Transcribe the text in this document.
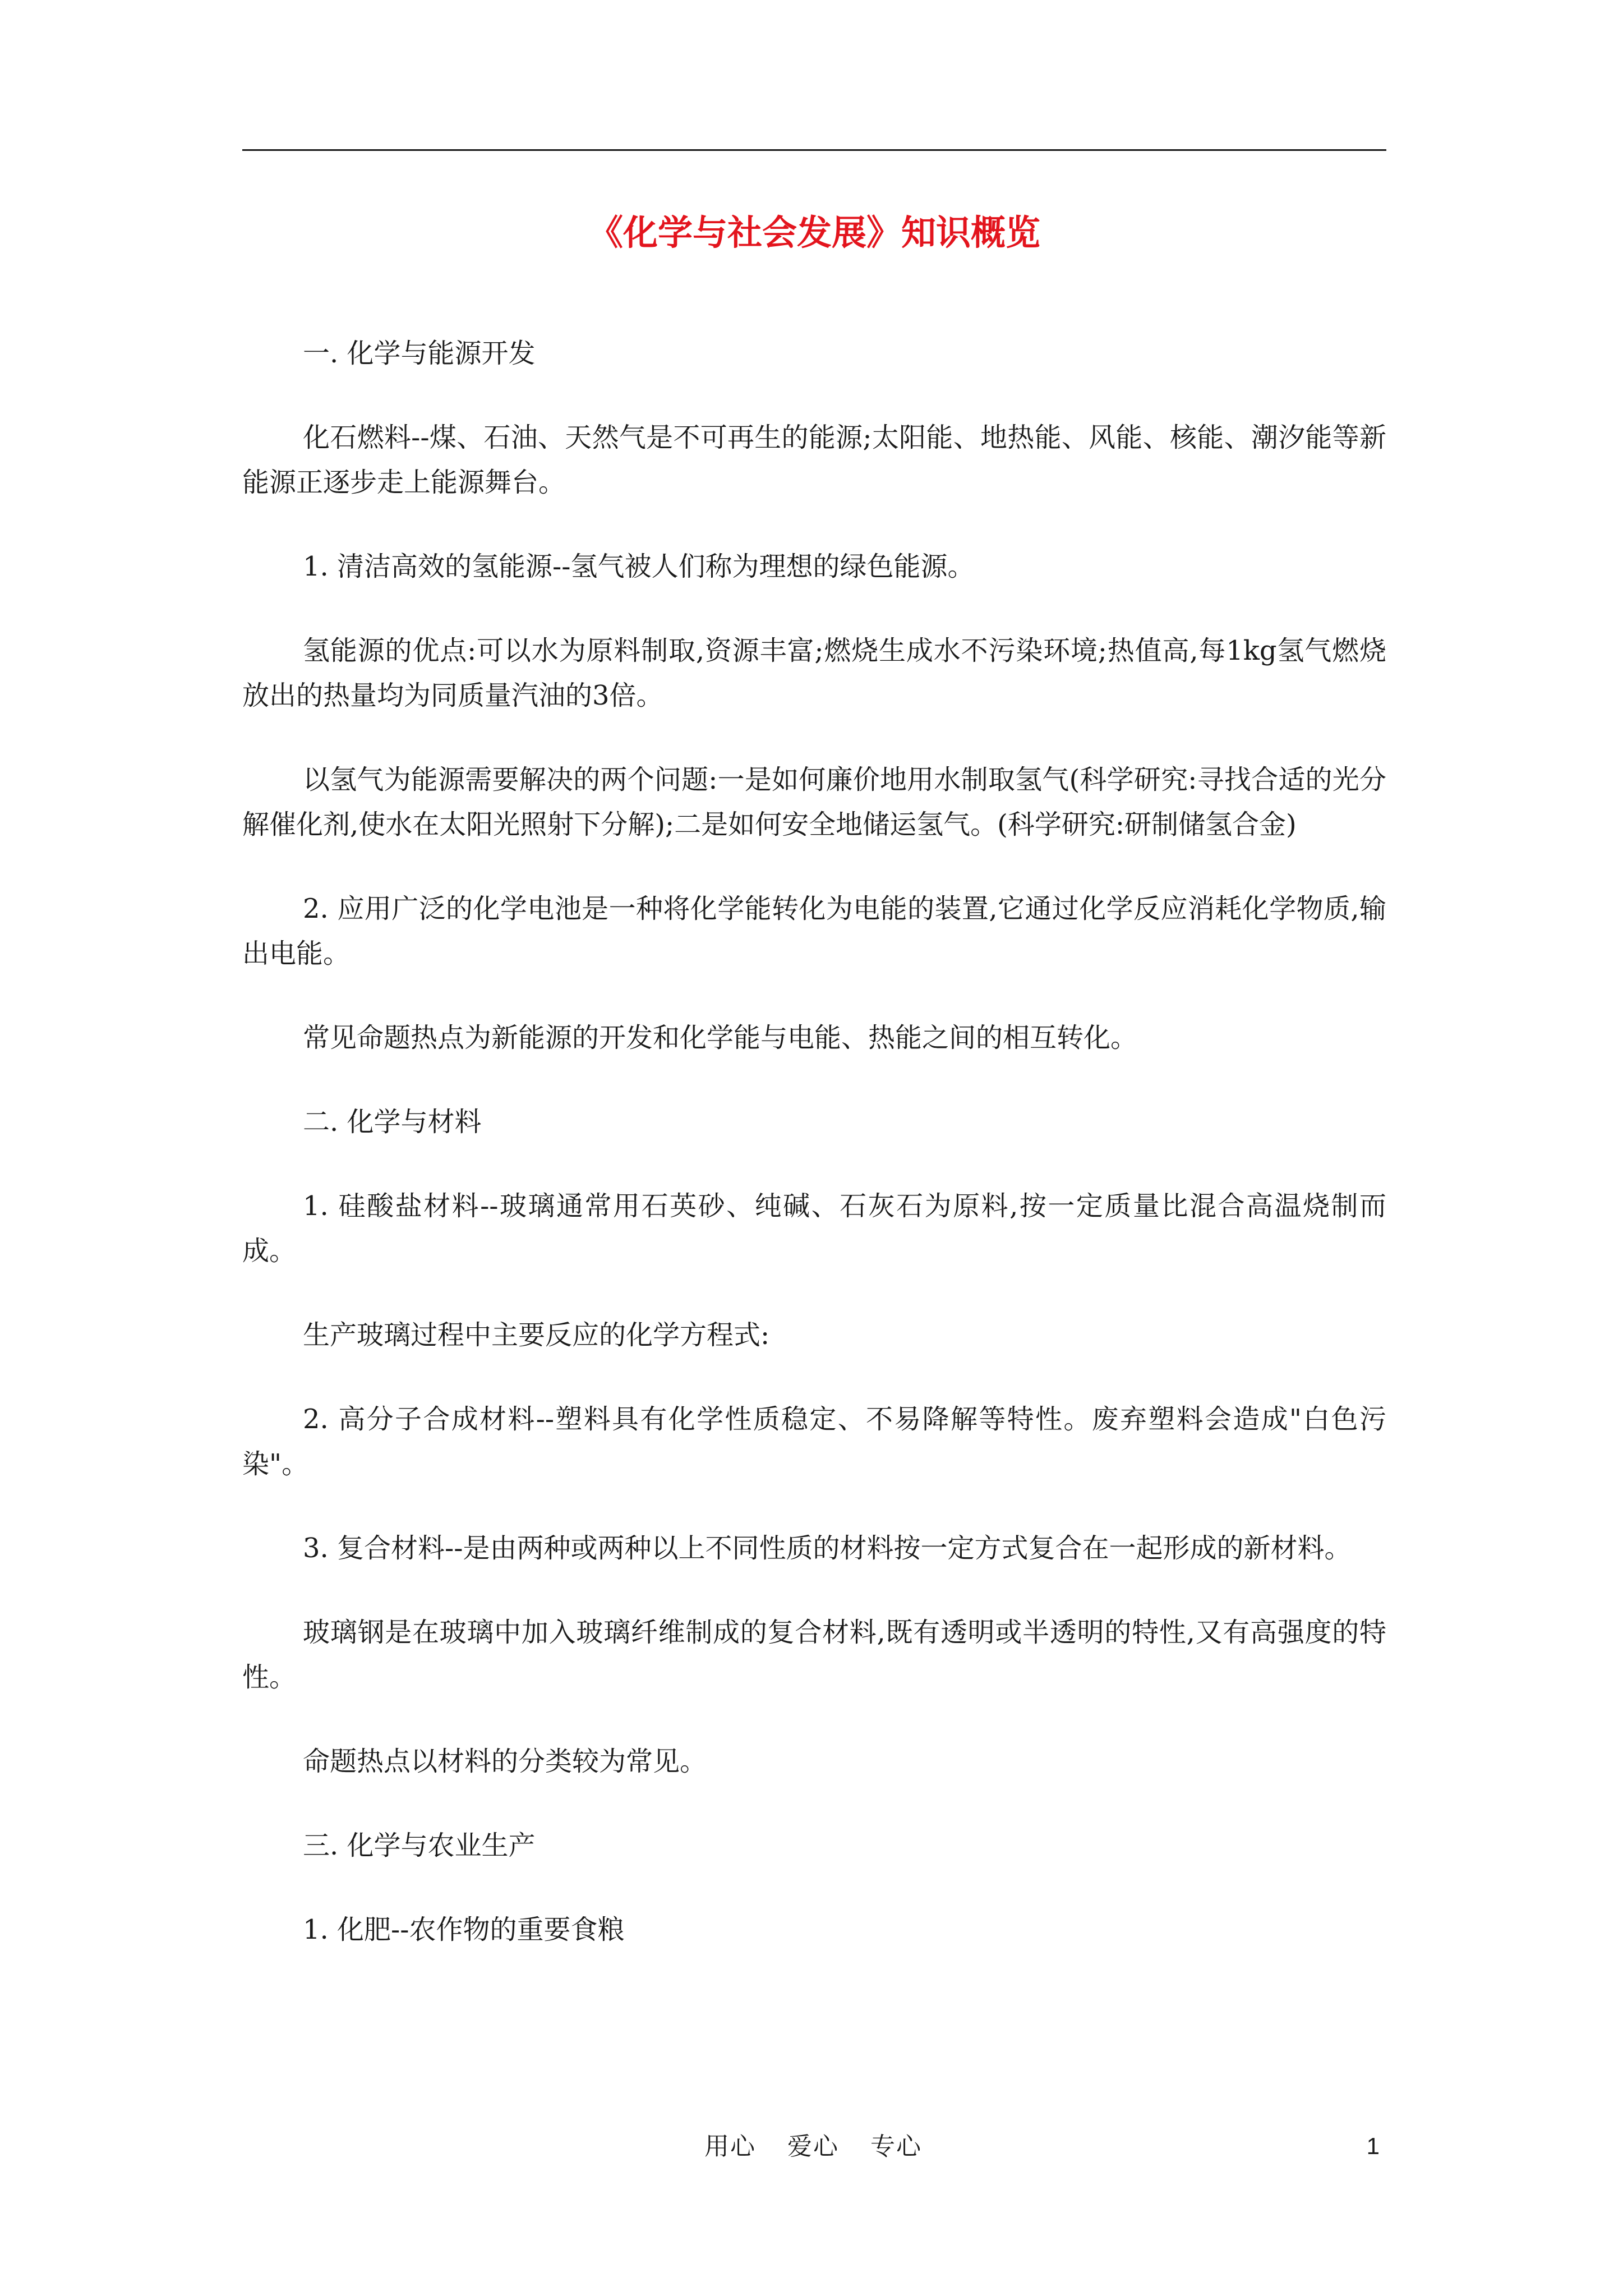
《化学与社会发展》知识概览

一. 化学与能源开发

化石燃料--煤、石油、天然气是不可再生的能源;太阳能、地热能、风能、核能、潮汐能等新能源正逐步走上能源舞台。

1. 清洁高效的氢能源--氢气被人们称为理想的绿色能源。

氢能源的优点:可以水为原料制取,资源丰富;燃烧生成水不污染环境;热值高,每1kg氢气燃烧放出的热量均为同质量汽油的3倍。

以氢气为能源需要解决的两个问题:一是如何廉价地用水制取氢气(科学研究:寻找合适的光分解催化剂,使水在太阳光照射下分解);二是如何安全地储运氢气。(科学研究:研制储氢合金)

2. 应用广泛的化学电池是一种将化学能转化为电能的装置,它通过化学反应消耗化学物质,输出电能。

常见命题热点为新能源的开发和化学能与电能、热能之间的相互转化。

二. 化学与材料

1. 硅酸盐材料--玻璃通常用石英砂、纯碱、石灰石为原料,按一定质量比混合高温烧制而成。

生产玻璃过程中主要反应的化学方程式:

2. 高分子合成材料--塑料具有化学性质稳定、不易降解等特性。废弃塑料会造成"白色污染"。

3. 复合材料--是由两种或两种以上不同性质的材料按一定方式复合在一起形成的新材料。

玻璃钢是在玻璃中加入玻璃纤维制成的复合材料,既有透明或半透明的特性,又有高强度的特性。

命题热点以材料的分类较为常见。

三. 化学与农业生产

1. 化肥--农作物的重要食粮

用心 爱心 专心	1
